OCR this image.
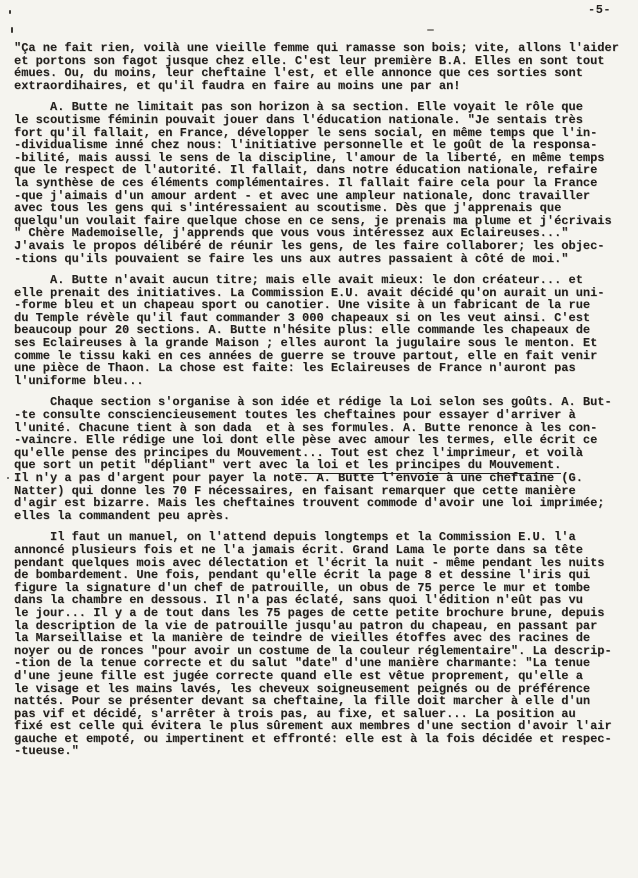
-5-
"Ça ne fait rien, voilà une vieille femme qui ramasse son bois; vite, allons l'aider
et portons son fagot jusque chez elle. C'est leur première B.A. Elles en sont tout
émues. Ou, du moins, leur cheftaine l'est, et elle annonce que ces sorties sont
extraordihaires, et qu'il faudra en faire au moins une par an!
A. Butte ne limitait pas son horizon à sa section. Elle voyait le rôle que
le scoutisme féminin pouvait jouer dans l'éducation nationale. "Je sentais très
fort qu'il fallait, en France, développer le sens social, en même temps que l'in-
-dividualisme inné chez nous: l'initiative personnelle et le goût de la responsa-
-bilité, mais aussi le sens de la discipline, l'amour de la liberté, en même temps
que le respect de l'autorité. Il fallait, dans notre éducation nationale, refaire
la synthèse de ces éléments complémentaires. Il fallait faire cela pour la France
-que j'aimais d'un amour ardent - et avec une ampleur nationale, donc travailler
avec tous les gens qui s'intéressaient au scoutisme. Dès que j'apprenais que
quelqu'un voulait faire quelque chose en ce sens, je prenais ma plume et j'écrivais
" Chère Mademoiselle, j'apprends que vous vous intéressez aux Eclaireuses..."
J'avais le propos délibéré de réunir les gens, de les faire collaborer; les objec-
-tions qu'ils pouvaient se faire les uns aux autres passaient à côté de moi."
A. Butte n'avait aucun titre; mais elle avait mieux: le don créateur... et
elle prenait des initiatives. La Commission E.U. avait décidé qu'on aurait un uni-
-forme bleu et un chapeau sport ou canotier. Une visite à un fabricant de la rue
du Temple révèle qu'il faut commander 3 000 chapeaux si on les veut ainsi. C'est
beaucoup pour 20 sections. A. Butte n'hésite plus: elle commande les chapeaux de
ses Eclaireuses à la grande Maison ; elles auront la jugulaire sous le menton. Et
comme le tissu kaki en ces années de guerre se trouve partout, elle en fait venir
une pièce de Thaon. La chose est faite: les Eclaireuses de France n'auront pas
l'uniforme bleu...
Chaque section s'organise à son idée et rédige la Loi selon ses goûts. A. But-
-te consulte consciencieusement toutes les cheftaines pour essayer d'arriver à
l'unité. Chacune tient à son dada  et à ses formules. A. Butte renonce à les con-
-vaincre. Elle rédige une loi dont elle pèse avec amour les termes, elle écrit ce
qu'elle pense des principes du Mouvement... Tout est chez l'imprimeur, et voilà
que sort un petit "dépliant" vert avec la loi et les principes du Mouvement.
Il n'y a pas d'argent pour payer la note. A. Butte l'envoie à une cheftaine (G.
Natter) qui donne les 70 F nécessaires, en faisant remarquer que cette manière
d'agir est bizarre. Mais les cheftaines trouvent commode d'avoir une loi imprimée;
elles la commandent peu après.
Il faut un manuel, on l'attend depuis longtemps et la Commission E.U. l'a
annoncé plusieurs fois et ne l'a jamais écrit. Grand Lama le porte dans sa tête
pendant quelques mois avec délectation et l'écrit la nuit - même pendant les nuits
de bombardement. Une fois, pendant qu'elle écrit la page 8 et dessine l'iris qui
figure la signature d'un chef de patrouille, un obus de 75 perce le mur et tombe
dans la chambre en dessous. Il n'a pas éclaté, sans quoi l'édition n'eût pas vu
le jour... Il y a de tout dans les 75 pages de cette petite brochure brune, depuis
la description de la vie de patrouille jusqu'au patron du chapeau, en passant par
la Marseillaise et la manière de teindre de vieilles étoffes avec des racines de
noyer ou de ronces "pour avoir un costume de la couleur réglementaire". La descrip-
-tion de la tenue correcte et du salut "date" d'une manière charmante: "La tenue
d'une jeune fille est jugée correcte quand elle est vêtue proprement, qu'elle a
le visage et les mains lavés, les cheveux soigneusement peignés ou de préférence
nattés. Pour se présenter devant sa cheftaine, la fille doit marcher à elle d'un
pas vif et décidé, s'arrêter à trois pas, au fixe, et saluer... La position au
fixé est celle qui évitera le plus sûrement aux membres d'une section d'avoir l'air
gauche et empoté, ou impertinent et effronté: elle est à la fois décidée et respec-
-tueuse."
